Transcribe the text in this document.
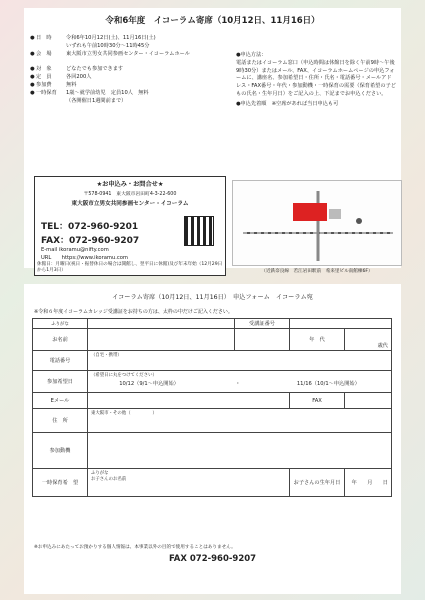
令和6年度　イコーラム寄席（10月12日、11月16日）
● 日　時	令和6年10月12日(土)、11月16日(土)
いずれも午前10時30分～11時45分
● 会　場	東大阪市立男女共同参画センター・イコーラムホール
● 対　象	どなたでも参加できます
● 定　員	各回200人
● 参加費	無料
● 一時保育	1歳～就学前幼児　定員10人　無料
（各開催日1週間前まで）
●申込方法：
電話またはイコーラム窓口（申込時間は休館日を除く午前9時～午後9時30分）またはメール、FAX、イコーラムホームページの申込フォームに、講座名、参加希望日・住所・氏名・電話番号・メールアドレス・FAX番号・年代・参加動機・一時保育の需要（保育希望の子どもの氏名・生年月日）をご記入の上、下記までお申込ください。
●申込先着順　 ※空席があれば当日申込も可
★お申込み・お問合せ★
〒578-0941　東大阪市岩田町4-3-22-600
東大阪市立男女共同参画センター・イコーラム
TEL：072-960-9201
FAX：072-960-9207
E-mail ikoramu@nifty.com
URL　　https://www.ikoramu.com
休館日：月曜日(祝日・振替休日の場合は開館し、翌平日に休館)及び年末年始（12月29日から1月3日）	（近鉄奈良線　若江岩田駅前　希来里ビル南館棟6F）
イコーラム寄席（10月12日、11月16日）　申込フォーム　イコーラム宛
※令和６年度イコーラムカレッジ受講証をお持ちの方は、太枠の中だけご記入ください。
ふりがな		受講証番号		
お名前			年　代	歳代
電話番号	（自宅・携帯）			
参加希望日	（希望日に丸をつけてください）
10/12（9/1～申込開始） ・ 11/16（10/1～申込開始）			

Eメール			FAX	
住　所	東大阪市・その他（　　　　　）			
参加動機				
一時保育希　望	ふりがな
お子さんのお名前		お子さんの生年月日	年　　月　　日
※お申込みにあたってお預かりする個人情報は、本事業以外の目的で使用することはありません。
FAX 072-960-9207
